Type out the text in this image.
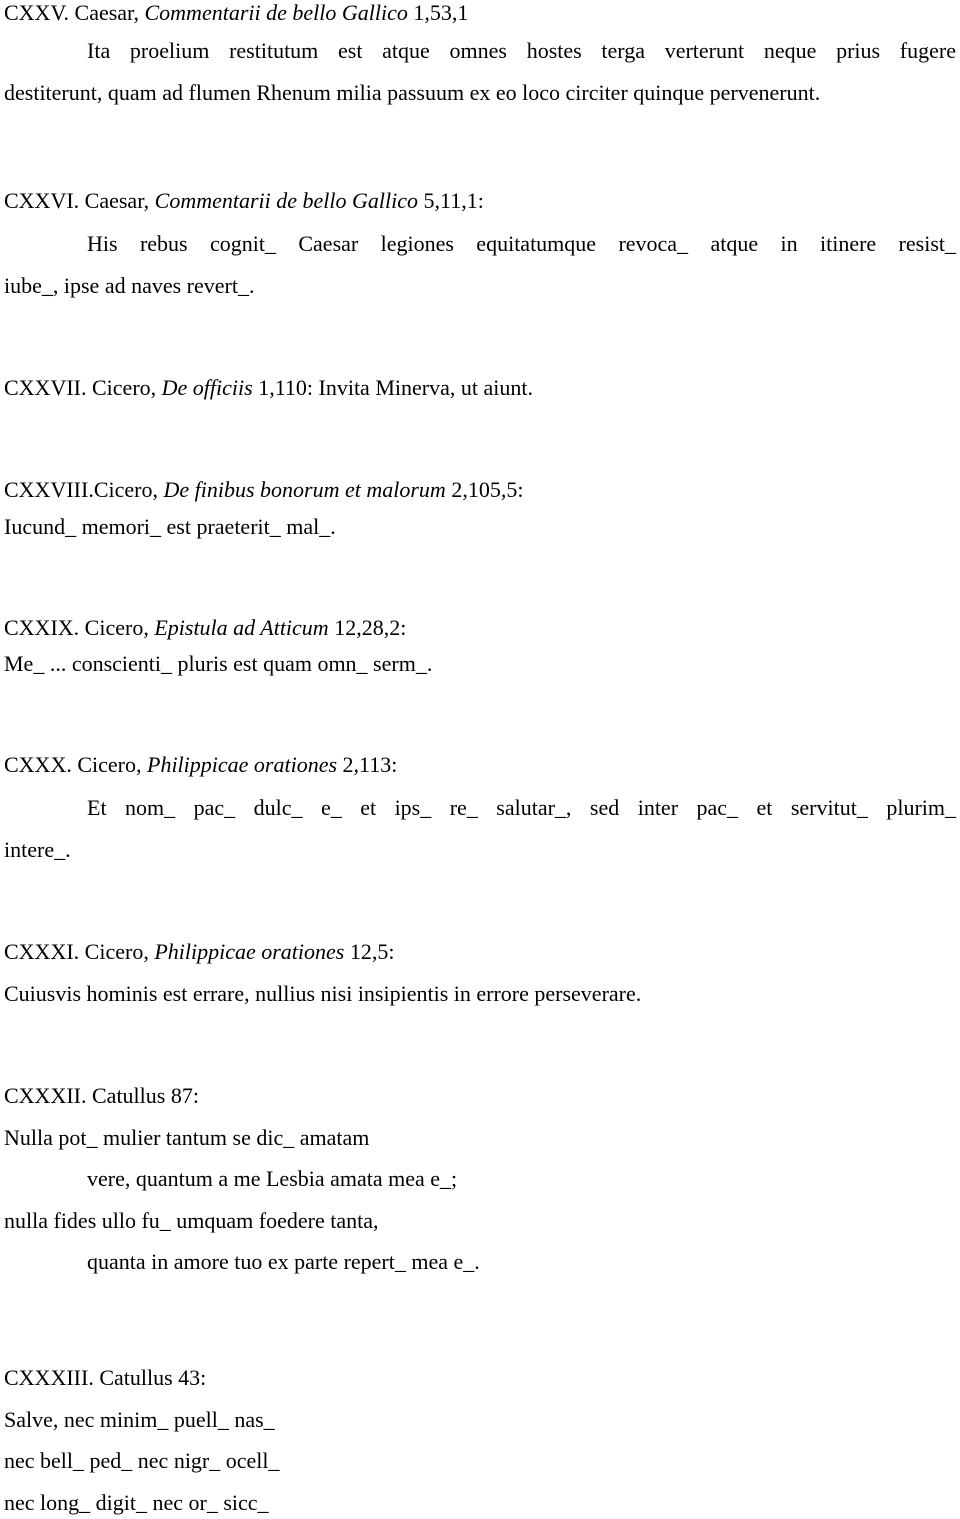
CXXV. Caesar, Commentarii de bello Gallico 1,53,1
Ita proelium restitutum est atque omnes hostes terga verterunt neque prius fugere
destiterunt, quam ad flumen Rhenum milia passuum ex eo loco circiter quinque pervenerunt.
CXXVI. Caesar, Commentarii de bello Gallico 5,11,1:
His rebus cognit_ Caesar legiones equitatumque revoca_ atque in itinere resist_
iube_, ipse ad naves revert_.
CXXVII. Cicero, De officiis 1,110: Invita Minerva, ut aiunt.
CXXVIII.Cicero, De finibus bonorum et malorum 2,105,5:
Iucund_ memori_ est praeterit_ mal_.
CXXIX. Cicero, Epistula ad Atticum 12,28,2:
Me_ ... conscienti_ pluris est quam omn_ serm_.
CXXX. Cicero, Philippicae orationes 2,113:
Et nom_ pac_ dulc_ e_ et ips_ re_ salutar_, sed inter pac_ et servitut_ plurim_
intere_.
CXXXI. Cicero, Philippicae orationes 12,5:
Cuiusvis hominis est errare, nullius nisi insipientis in errore perseverare.
CXXXII. Catullus 87:
Nulla pot_ mulier tantum se dic_ amatam
vere, quantum a me Lesbia amata mea e_;
nulla fides ullo fu_ umquam foedere tanta,
quanta in amore tuo ex parte repert_ mea e_.
CXXXIII. Catullus 43:
Salve, nec minim_ puell_ nas_
nec bell_ ped_ nec nigr_ ocell_
nec long_ digit_ nec or_ sicc_
